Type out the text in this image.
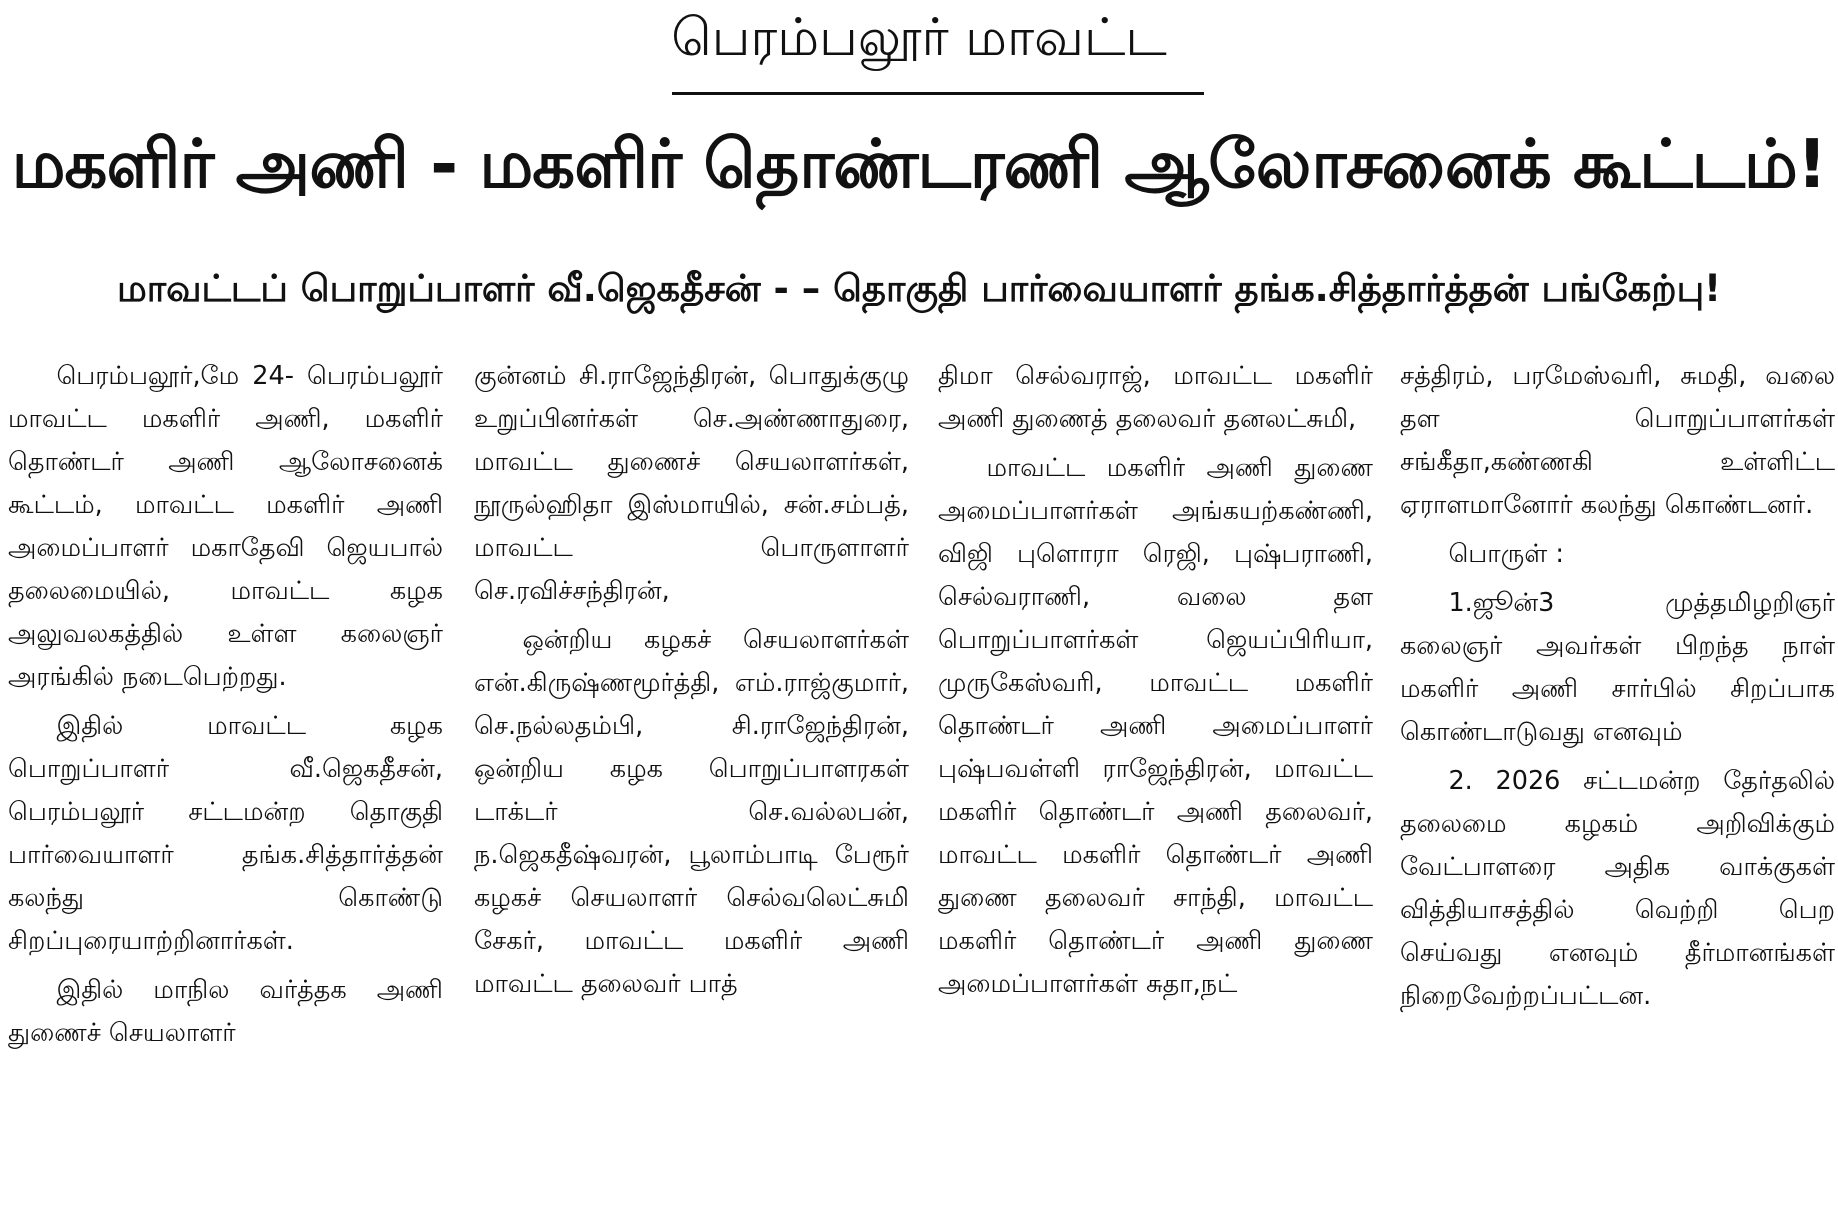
பெரம்பலூர் மாவட்ட
மகளிர் அணி - மகளிர் தொண்டரணி ஆலோசனைக் கூட்டம்!
மாவட்டப் பொறுப்பாளர் வீ.ஜெகதீசன் - – தொகுதி பார்வையாளர் தங்க.சித்தார்த்தன் பங்கேற்பு!

பெரம்பலூர்,மே 24- பெரம்பலூர் மாவட்ட மகளிர் அணி, மகளிர் தொண்டர் அணி ஆலோசனைக் கூட்டம், மாவட்ட மகளிர் அணி அமைப்பாளர் மகாதேவி ஜெயபால் தலைமையில், மாவட்ட கழக அலுவலகத்தில் உள்ள கலைஞர் அரங்கில் நடைபெற்றது.

இதில் மாவட்ட கழக பொறுப்பாளர் வீ.ஜெகதீசன், பெரம்பலூர் சட்டமன்ற தொகுதி பார்வையாளர் தங்க.சித்தார்த்தன் கலந்து கொண்டு சிறப்புரையாற்றினார்கள்.

இதில் மாநில வர்த்தக அணி துணைச் செயலாளர்

குன்னம் சி.ராஜேந்திரன், பொதுக்குழு உறுப்பினர்கள் செ.அண்ணாதுரை, மாவட்ட துணைச் செயலாளர்கள், நூருல்ஹிதா இஸ்மாயில், சன்.சம்பத், மாவட்ட பொருளாளர் செ.ரவிச்சந்திரன்,

ஒன்றிய கழகச் செயலாளர்கள் என்.கிருஷ்ணமூர்த்தி, எம்.ராஜ்குமார், செ.நல்லதம்பி, சி.ராஜேந்திரன், ஒன்றிய கழக பொறுப்பாளரகள் டாக்டர் செ.வல்லபன், ந.ஜெகதீஷ்வரன், பூலாம்பாடி பேரூர் கழகச் செயலாளர் செல்வலெட்சுமி சேகர், மாவட்ட மகளிர் அணி மாவட்ட தலைவர் பாத்

திமா செல்வராஜ், மாவட்ட மகளிர் அணி துணைத் தலைவர் தனலட்சுமி,

மாவட்ட மகளிர் அணி துணை அமைப்பாளர்கள் அங்கயற்கண்ணி, விஜி புளொரா ரெஜி, புஷ்பராணி, செல்வராணி, வலை தள பொறுப்பாளர்கள் ஜெயப்பிரியா, முருகேஸ்வரி, மாவட்ட மகளிர் தொண்டர் அணி அமைப்பாளர் புஷ்பவள்ளி ராஜேந்திரன், மாவட்ட மகளிர் தொண்டர் அணி தலைவர், மாவட்ட மகளிர் தொண்டர் அணி துணை தலைவர் சாந்தி, மாவட்ட மகளிர் தொண்டர் அணி துணை அமைப்பாளர்கள் சுதா,நட்

சத்திரம், பரமேஸ்வரி, சுமதி, வலை தள பொறுப்பாளர்கள் சங்கீதா,கண்ணகி உள்ளிட்ட ஏராளமானோர் கலந்து கொண்டனர்.

பொருள் :

1.ஜூன்3 முத்தமிழறிஞர் கலைஞர் அவர்கள் பிறந்த நாள் மகளிர் அணி சார்பில் சிறப்பாக கொண்டாடுவது எனவும்

2. 2026 சட்டமன்ற தேர்தலில் தலைமை கழகம் அறிவிக்கும் வேட்பாளரை அதிக வாக்குகள் வித்தியாசத்தில் வெற்றி பெற செய்வது எனவும் தீர்மானங்கள் நிறைவேற்றப்பட்டன.
